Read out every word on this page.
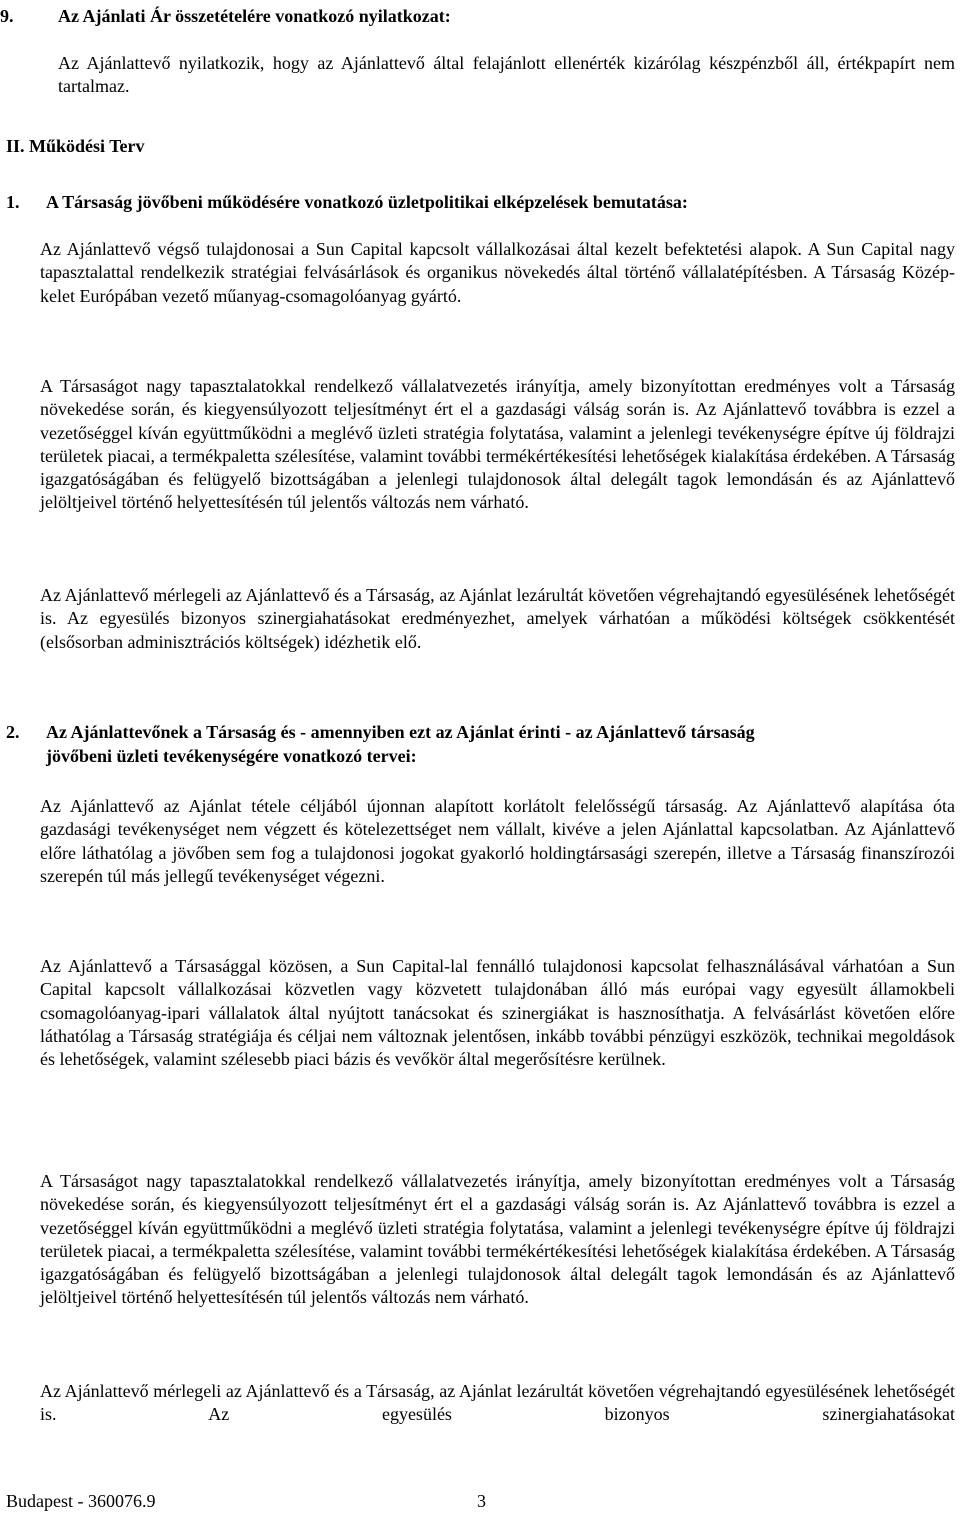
9. Az Ajánlati Ár összetételére vonatkozó nyilatkozat:

Az Ajánlattevő nyilatkozik, hogy az Ajánlattevő által felajánlott ellenérték kizárólag készpénzből áll, értékpapírt nem tartalmaz.

II. Működési Terv
1. A Társaság jövőbeni működésére vonatkozó üzletpolitikai elképzelések bemutatása:

Az Ajánlattevő végső tulajdonosai a Sun Capital kapcsolt vállalkozásai által kezelt befektetési alapok. A Sun Capital nagy tapasztalattal rendelkezik stratégiai felvásárlások és organikus növekedés által történő vállalatépítésben. A Társaság Közép-kelet Európában vezető műanyag-csomagolóanyag gyártó.

A Társaságot nagy tapasztalatokkal rendelkező vállalatvezetés irányítja, amely bizonyítottan eredményes volt a Társaság növekedése során, és kiegyensúlyozott teljesítményt ért el a gazdasági válság során is. Az Ajánlattevő továbbra is ezzel a vezetőséggel kíván együttműködni a meglévő üzleti stratégia folytatása, valamint a jelenlegi tevékenységre építve új földrajzi területek piacai, a termékpaletta szélesítése, valamint további termékértékesítési lehetőségek kialakítása érdekében. A Társaság igazgatóságában és felügyelő bizottságában a jelenlegi tulajdonosok által delegált tagok lemondásán és az Ajánlattevő jelöltjeivel történő helyettesítésén túl jelentős változás nem várható.

Az Ajánlattevő mérlegeli az Ajánlattevő és a Társaság, az Ajánlat lezárultát követően végrehajtandó egyesülésének lehetőségét is. Az egyesülés bizonyos szinergiahatásokat eredményezhet, amelyek várhatóan a működési költségek csökkentését (elsősorban adminisztrációs költségek) idézhetik elő.

2. Az Ajánlattevőnek a Társaság és - amennyiben ezt az Ajánlat érinti - az Ajánlattevő társaság
jövőbeni üzleti tevékenységére vonatkozó tervei:

Az Ajánlattevő az Ajánlat tétele céljából újonnan alapított korlátolt felelősségű társaság. Az Ajánlattevő alapítása óta gazdasági tevékenységet nem végzett és kötelezettséget nem vállalt, kivéve a jelen Ajánlattal kapcsolatban. Az Ajánlattevő előre láthatólag a jövőben sem fog a tulajdonosi jogokat gyakorló holdingtársasági szerepén, illetve a Társaság finanszírozói szerepén túl más jellegű tevékenységet végezni.

Az Ajánlattevő a Társasággal közösen, a Sun Capital-lal fennálló tulajdonosi kapcsolat felhasználásával várhatóan a Sun Capital kapcsolt vállalkozásai közvetlen vagy közvetett tulajdonában álló más európai vagy egyesült államokbeli csomagolóanyag-ipari vállalatok által nyújtott tanácsokat és szinergiákat is hasznosíthatja. A felvásárlást követően előre láthatólag a Társaság stratégiája és céljai nem változnak jelentősen, inkább további pénzügyi eszközök, technikai megoldások és lehetőségek, valamint szélesebb piaci bázis és vevőkör által megerősítésre kerülnek.

A Társaságot nagy tapasztalatokkal rendelkező vállalatvezetés irányítja, amely bizonyítottan eredményes volt a Társaság növekedése során, és kiegyensúlyozott teljesítményt ért el a gazdasági válság során is. Az Ajánlattevő továbbra is ezzel a vezetőséggel kíván együttműködni a meglévő üzleti stratégia folytatása, valamint a jelenlegi tevékenységre építve új földrajzi területek piacai, a termékpaletta szélesítése, valamint további termékértékesítési lehetőségek kialakítása érdekében. A Társaság igazgatóságában és felügyelő bizottságában a jelenlegi tulajdonosok által delegált tagok lemondásán és az Ajánlattevő jelöltjeivel történő helyettesítésén túl jelentős változás nem várható.

Az Ajánlattevő mérlegeli az Ajánlattevő és a Társaság, az Ajánlat lezárultát követően végrehajtandó egyesülésének lehetőségét is. Az egyesülés bizonyos szinergiahatásokat

Budapest - 360076.9	3
